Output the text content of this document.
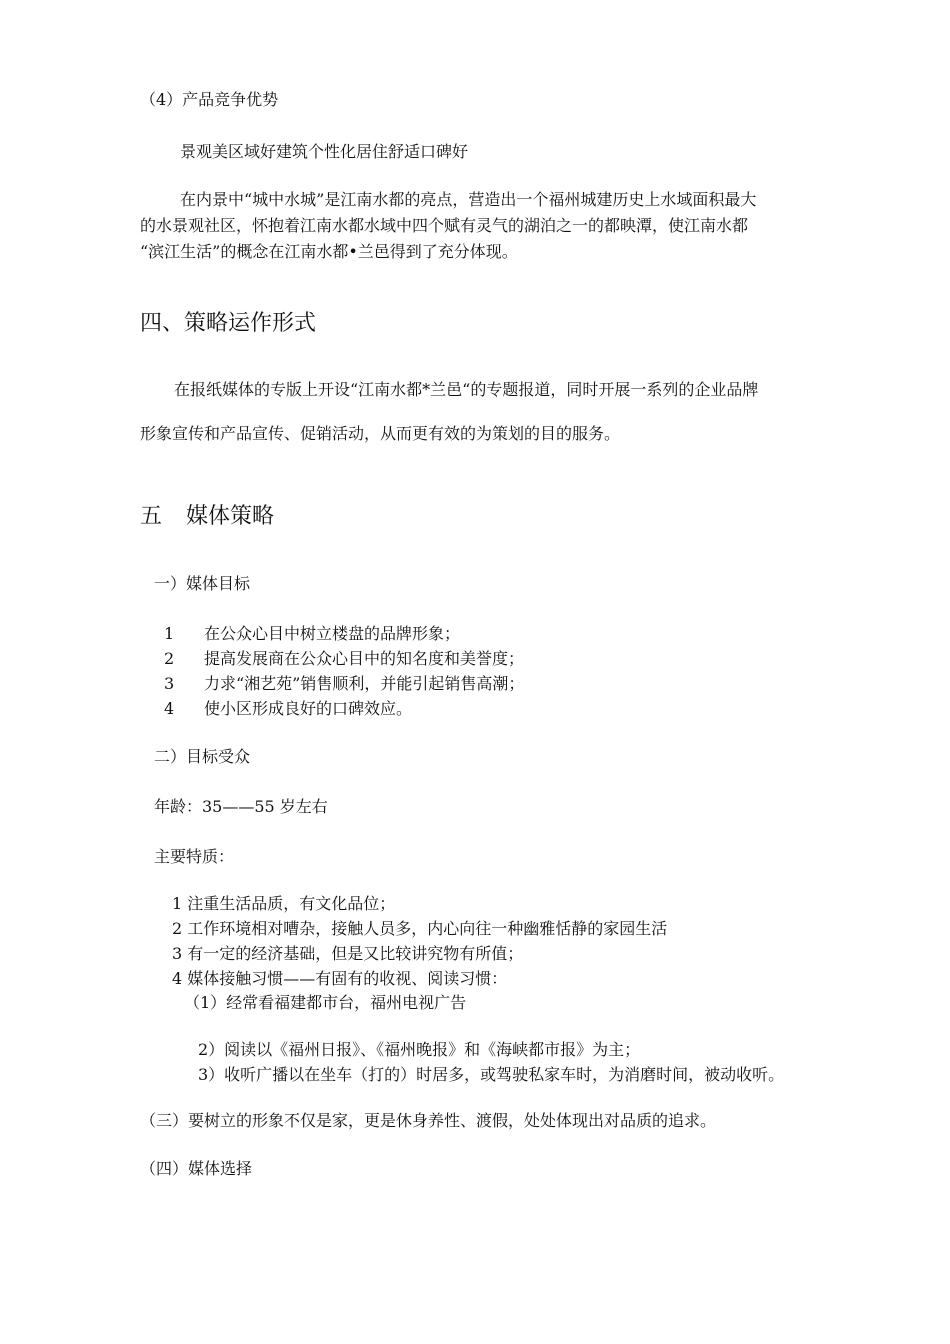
（4）产品竞争优势
景观美区域好建筑个性化居住舒适口碑好
在内景中“城中水城”是江南水都的亮点，营造出一个福州城建历史上水域面积最大
的水景观社区，怀抱着江南水都水域中四个赋有灵气的湖泊之一的都映潭，使江南水都
“滨江生活”的概念在江南水都•兰邑得到了充分体现。
四、策略运作形式
在报纸媒体的专版上开设“江南水都*兰邑“的专题报道，同时开展一系列的企业品牌
形象宣传和产品宣传、促销活动，从而更有效的为策划的目的服务。
五 媒体策略
一）媒体目标
1 在公众心目中树立楼盘的品牌形象；
2 提高发展商在公众心目中的知名度和美誉度；
3 力求“湘艺苑”销售顺利，并能引起销售高潮；
4 使小区形成良好的口碑效应。
二）目标受众
年龄：35——55 岁左右
主要特质：
1 注重生活品质，有文化品位；
2 工作环境相对嘈杂，接触人员多，内心向往一种幽雅恬静的家园生活
3 有一定的经济基础，但是又比较讲究物有所值；
4 媒体接触习惯——有固有的收视、阅读习惯：
（1）经常看福建都市台，福州电视广告
2）阅读以《福州日报》、《福州晚报》和《海峡都市报》为主；
3）收听广播以在坐车（打的）时居多，或驾驶私家车时，为消磨时间，被动收听。
（三）要树立的形象不仅是家，更是休身养性、渡假，处处体现出对品质的追求。
（四）媒体选择
